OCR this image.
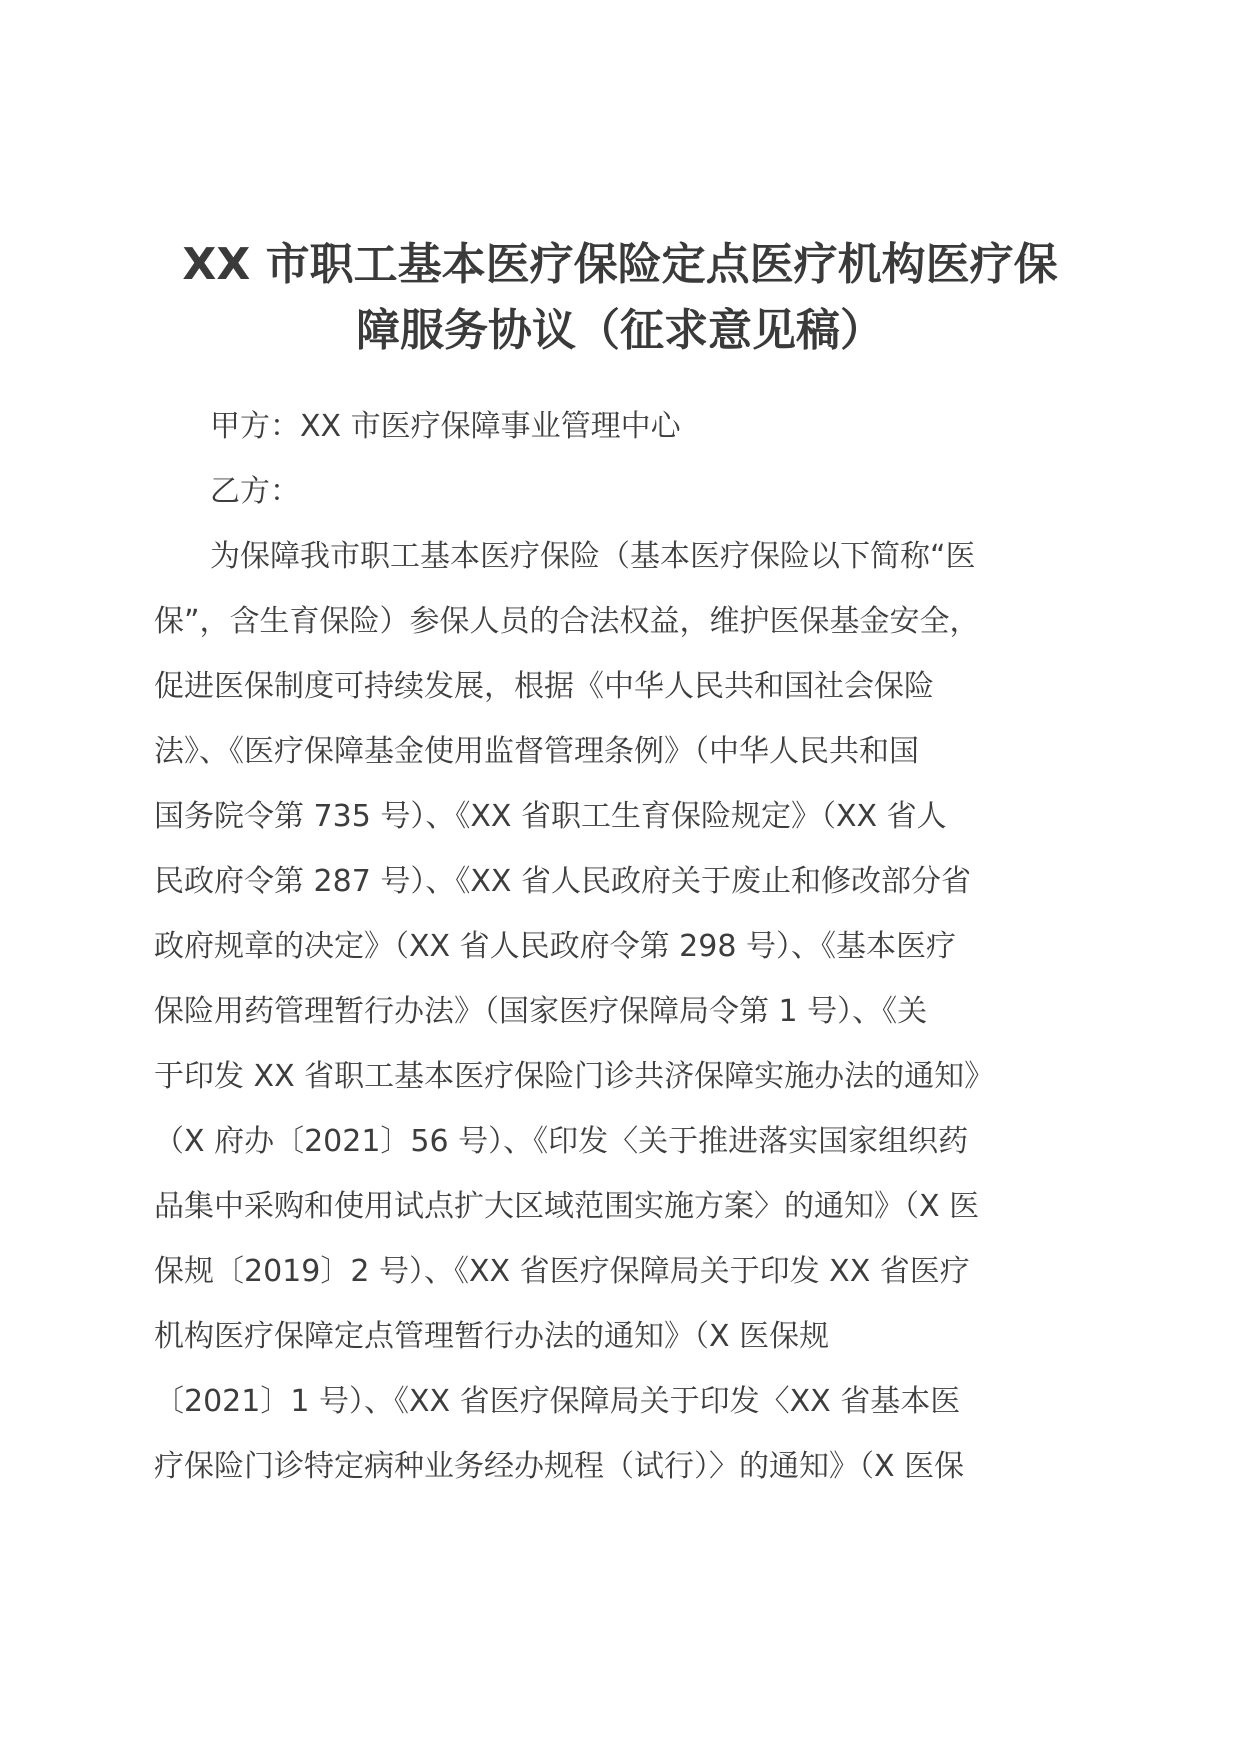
XX 市职工基本医疗保险定点医疗机构医疗保
障服务协议（征求意见稿）
甲方：XX 市医疗保障事业管理中心
乙方：
为保障我市职工基本医疗保险（基本医疗保险以下简称“医
保”，含生育保险）参保人员的合法权益，维护医保基金安全，
促进医保制度可持续发展，根据《中华人民共和国社会保险
法》、《医疗保障基金使用监督管理条例》（中华人民共和国
国务院令第 735 号）、《XX 省职工生育保险规定》（XX 省人
民政府令第 287 号）、《XX 省人民政府关于废止和修改部分省
政府规章的决定》（XX 省人民政府令第 298 号）、《基本医疗
保险用药管理暂行办法》（国家医疗保障局令第 1 号）、《关
于印发 XX 省职工基本医疗保险门诊共济保障实施办法的通知》
（X 府办〔2021〕56 号）、《印发〈关于推进落实国家组织药
品集中采购和使用试点扩大区域范围实施方案〉的通知》（X 医
保规〔2019〕2 号）、《XX 省医疗保障局关于印发 XX 省医疗
机构医疗保障定点管理暂行办法的通知》（X 医保规
〔2021〕1 号）、《XX 省医疗保障局关于印发〈XX 省基本医
疗保险门诊特定病种业务经办规程（试行）〉的通知》（X 医保
